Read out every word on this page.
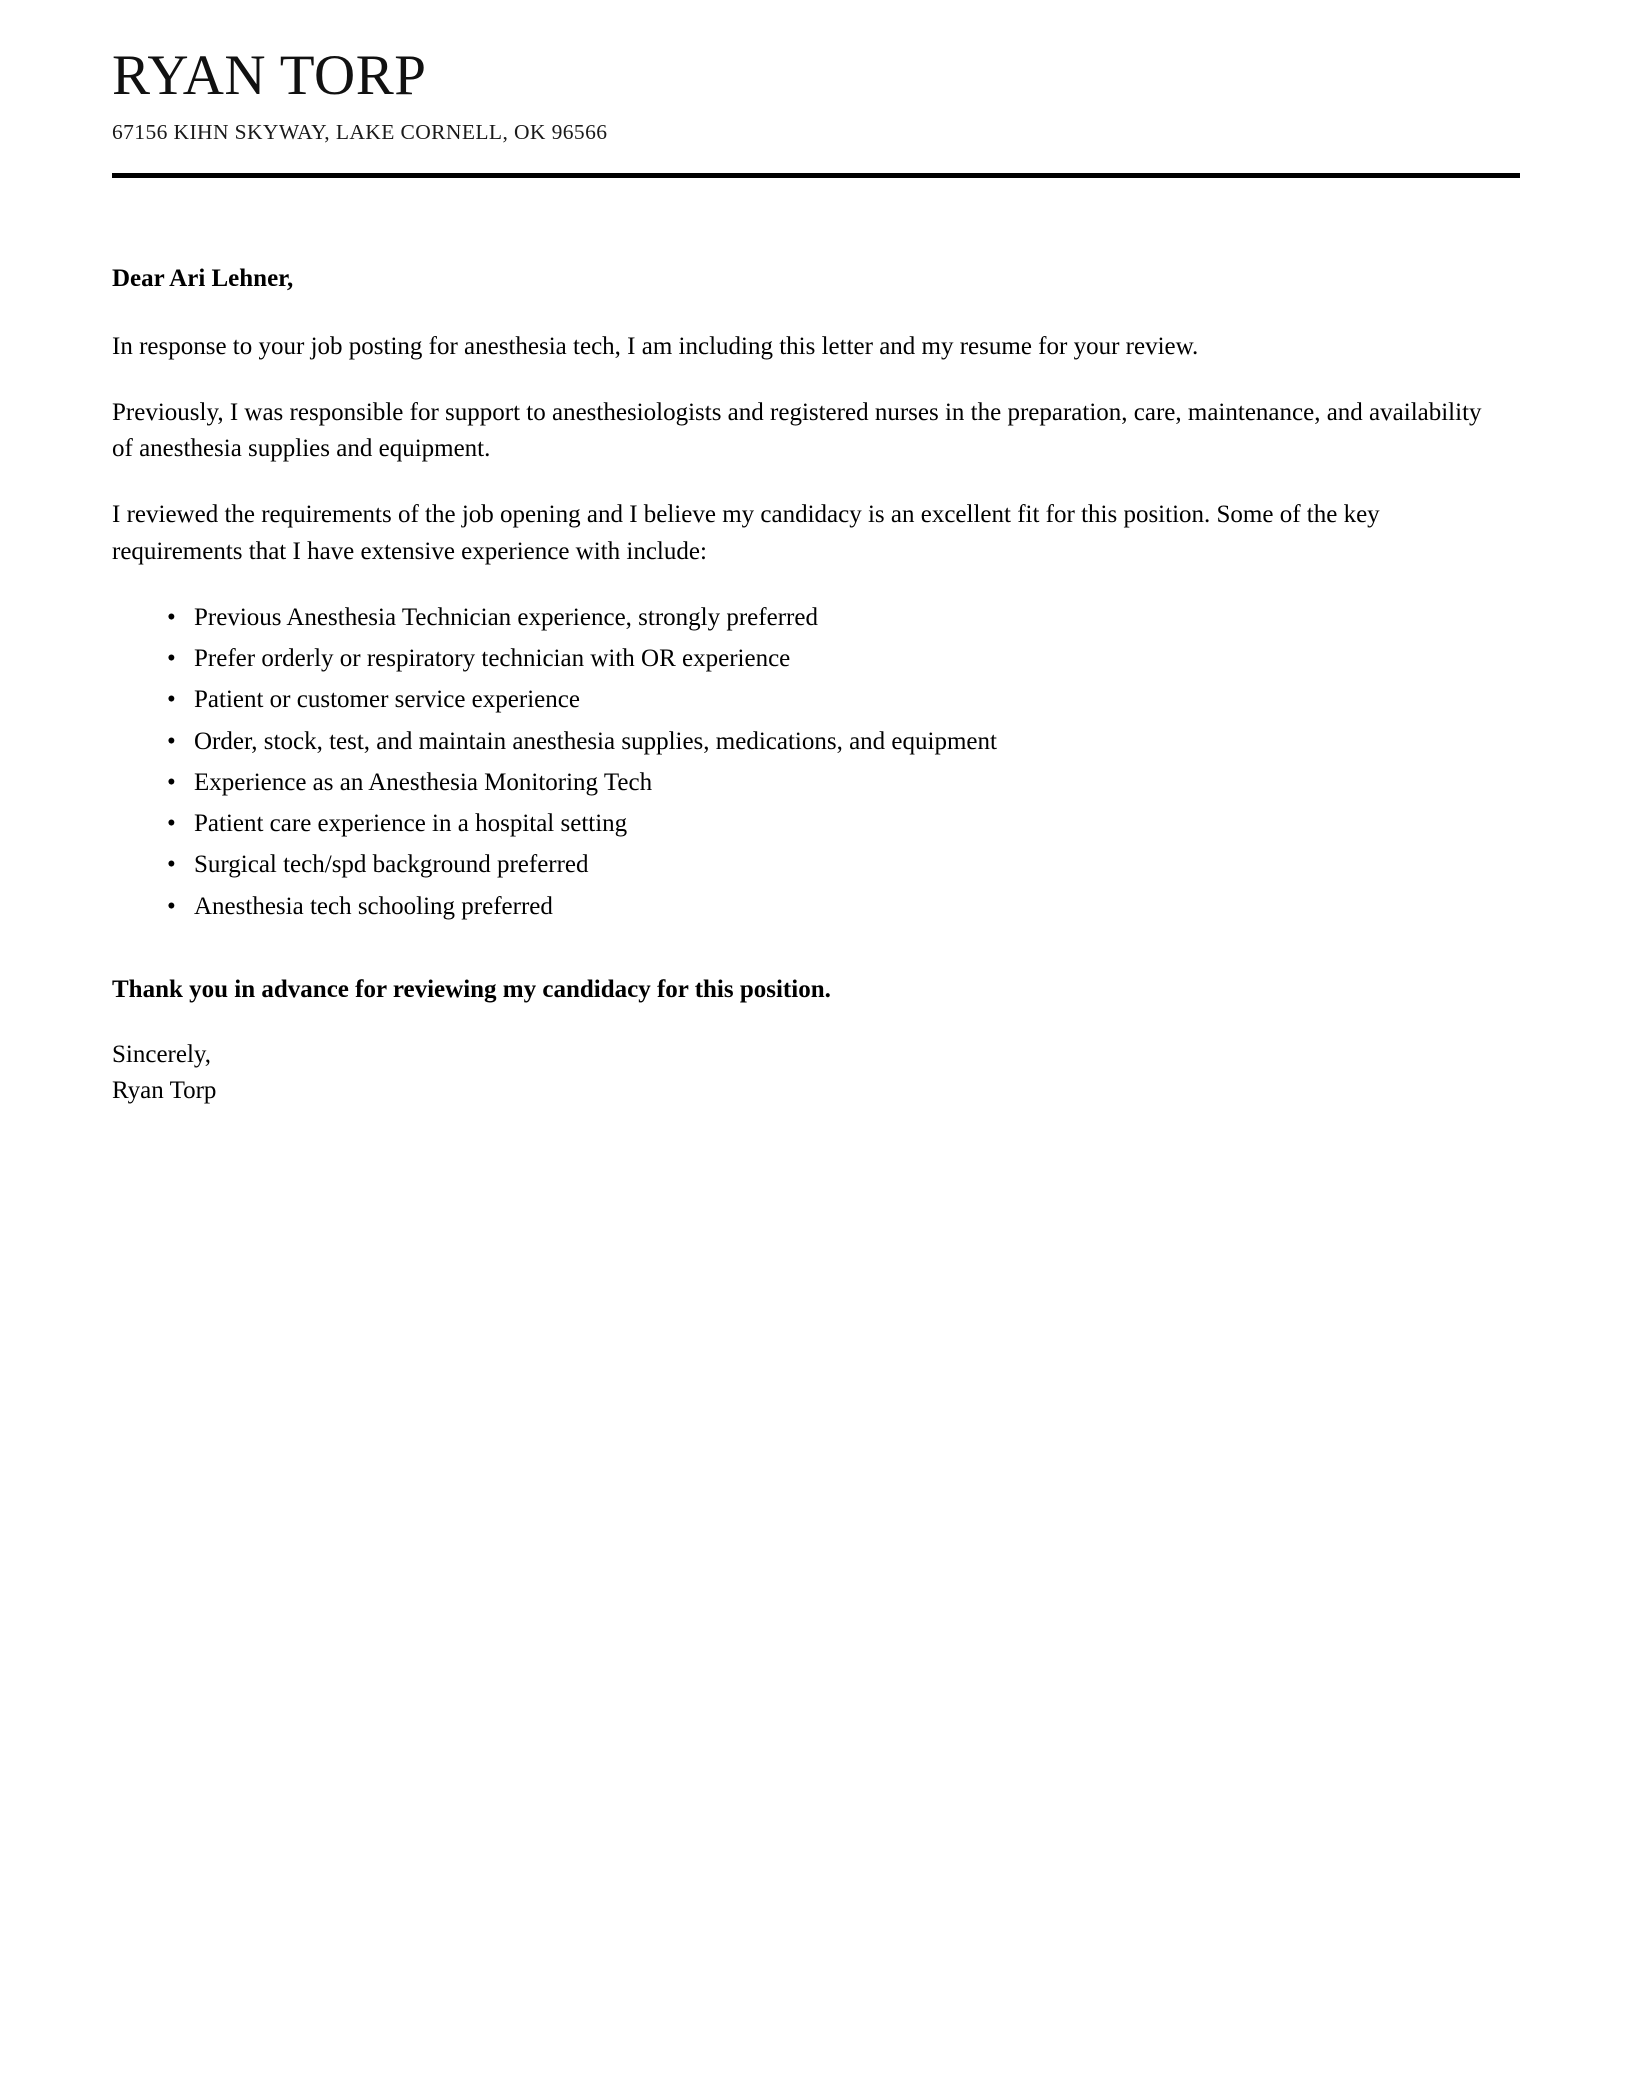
RYAN TORP
67156 KIHN SKYWAY, LAKE CORNELL, OK 96566

Dear Ari Lehner,

In response to your job posting for anesthesia tech, I am including this letter and my resume for your review.

Previously, I was responsible for support to anesthesiologists and registered nurses in the preparation, care, maintenance, and availability of anesthesia supplies and equipment.

I reviewed the requirements of the job opening and I believe my candidacy is an excellent fit for this position. Some of the key requirements that I have extensive experience with include:

• Previous Anesthesia Technician experience, strongly preferred
• Prefer orderly or respiratory technician with OR experience
• Patient or customer service experience
• Order, stock, test, and maintain anesthesia supplies, medications, and equipment
• Experience as an Anesthesia Monitoring Tech
• Patient care experience in a hospital setting
• Surgical tech/spd background preferred
• Anesthesia tech schooling preferred

Thank you in advance for reviewing my candidacy for this position.

Sincerely,
Ryan Torp
